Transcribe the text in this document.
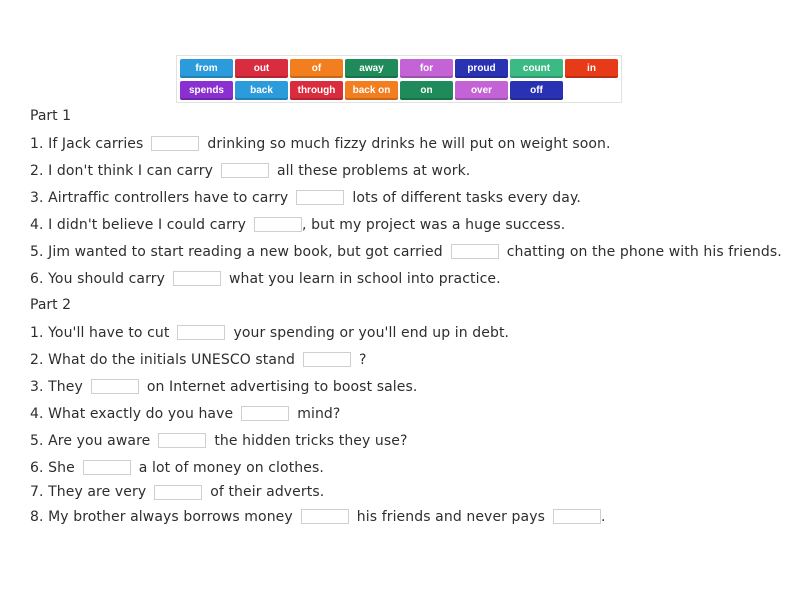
from	out	of	away	for	proud	count	in
spends	back	through	back on	on	over	off
Part 1
1. If Jack carries	drinking so much fizzy drinks he will put on weight soon.
2. I don't think I can carry	all these problems at work.
3. Airtraffic controllers have to carry	lots of different tasks every day.
4. I didn't believe I could carry	, but my project was a huge success.
5. Jim wanted to start reading a new book, but got carried	chatting on the phone with his friends.
6. You should carry	what you learn in school into practice.
Part 2
1. You'll have to cut	your spending or you'll end up in debt.
2. What do the initials UNESCO stand	?
3. They	on Internet advertising to boost sales.
4. What exactly do you have	mind?
5. Are you aware	the hidden tricks they use?
6. She	a lot of money on clothes.
7. They are very	of their adverts.
8. My brother always borrows money	his friends and never pays	.
